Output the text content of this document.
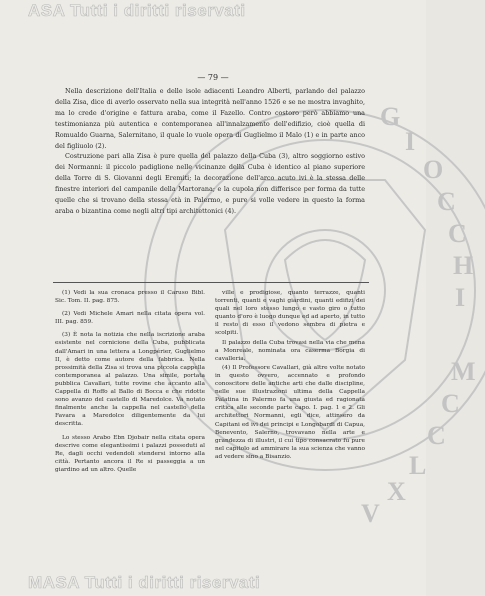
ASA Tutti i diritti riservati
G
I
O
C
C
H
I
M
C
C
L
X
V
— 79 —

Nella descrizione dell'Italia e delle isole adiacenti Leandro Alberti, parlando del palazzo della Zisa, dice di averlo osservato nella sua integrità nell'anno 1526 e se ne mostra invaghito, ma lo crede d'origine e fattura araba, come il Fazello. Contro costoro però abbiamo una testimonianza più autentica e contemporanea all'innalzamento dell'edifizio, cioè quella di Romualdo Guarna, Salernitano, il quale lo vuole opera di Guglielmo il Malo (1) e in parte anco del figliuolo (2).

Costruzione pari alla Zisa è pure quella del palazzo della Cuba (3), altro soggiorno estivo dei Normanni: il piccolo padiglione nelle vicinanze della Cuba è identico al piano superiore della Torre di S. Giovanni degli Eremiti; la decorazione dell'arco acuto ivi è la stessa delle finestre interiori del campanile della Martorana; e la cupola non differisce per forma da tutte quelle che si trovano della stessa età in Palermo, e pure si volle vedere in questo la forma araba o bizantina come negli altri tipi architettonici (4).

(1) Vedi la sua cronaca presso il Caruso Bibl. Sic. Tom. II. pag. 875.

(2) Vedi Michele Amari nella citata opera vol. III. pag. 859.

(3) È nota la notizia che nella iscrizione araba esistente nel cornicione della Cuba, pubblicata dall'Amari in una lettera a Longpérier, Guglielmo II, è detto come autore della fabbrica. Nella prossimità della Zisa si trova una piccola cappella contemporanea al palazzo. Una simile, portata pubblica Cavallari, tutte rovine che accanto alla Cappella di Roffo al Ballo di Bocca e che ridotte sono avanzo del castello di Maredolce. Va notato finalmente anche la cappella nel castello della Favara a Maredolce diligentemente da lui descritta.

Lo stesso Arabo Ebn Djobair nella citata opera descrive come elegantissimi i palazzi posseduti al Re, dagli occhi vedendoli stendersi intorno alla città. Pertanto ancora il Re si passeggia a un giardino ad un altro. Quelle

ville e prodigiose, quanto terrazze, quanti torrenti, quanti e vaghi giardini, quanti edifizi dei quali nel loro stesso lungo e vasto giro o tutto quanto d'oro è luogo dunque ed ad aperto, in tutto il resto di esso il vedono sembra di pietra e scolpiti.

Il palazzo della Cuba trovasi nella via che mena a Monreale, nominata ora caserma Borgia di cavalleria.

(4) Il Professore Cavallari, già altre volte notato in questo ovvero, accennato e profondo conoscitore delle antiche arti che dalle discipline, nelle sue illustrazioni ultima della Cappella Palatina in Palermo fa una giusta ed ragionata critica alle seconde parte capo. I. pag. 1 e 2. Gli architettori Normanni, egli dice, attinsero da Capitani ed ivi dei principi e Longobardi di Capua, Benevento, Salerno, trovavano nella arte e grandezza di illustri, il cui tipo consacrato fu pure nel capitolo ad ammirare la sua scienza che vanno ad vedere sino a Bisanzio.

MASA Tutti i diritti riservati
